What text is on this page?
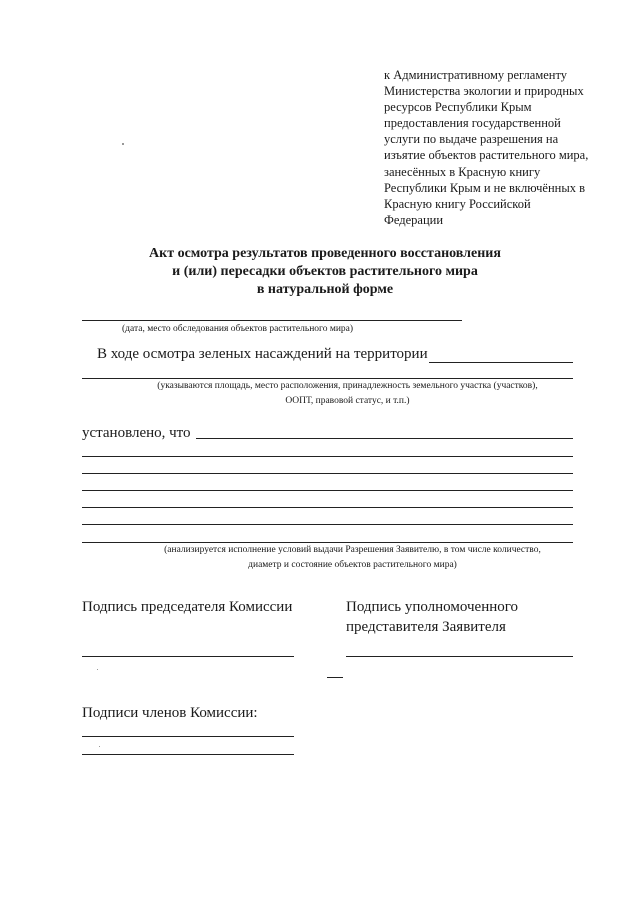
к Административному регламенту
Министерства экологии и природных
ресурсов Республики Крым
предоставления государственной
услуги по выдаче разрешения на
изъятие объектов растительного мира,
занесённых в Красную книгу
Республики Крым и не включённых в
Красную книгу Российской
Федерации
Акт осмотра результатов проведенного восстановления
и (или) пересадки объектов растительного мира
в натуральной форме
(дата, место обследования объектов растительного мира)
В ходе осмотра зеленых насаждений на территории
(указываются площадь, место расположения, принадлежность земельного участка (участков),
ООПТ, правовой статус, и т.п.)
установлено, что
(анализируется исполнение условий выдачи Разрешения Заявителю, в том числе количество,
диаметр и состояние объектов растительного мира)
Подпись председателя Комиссии	Подпись уполномоченного
представителя Заявителя
Подписи членов Комиссии:
